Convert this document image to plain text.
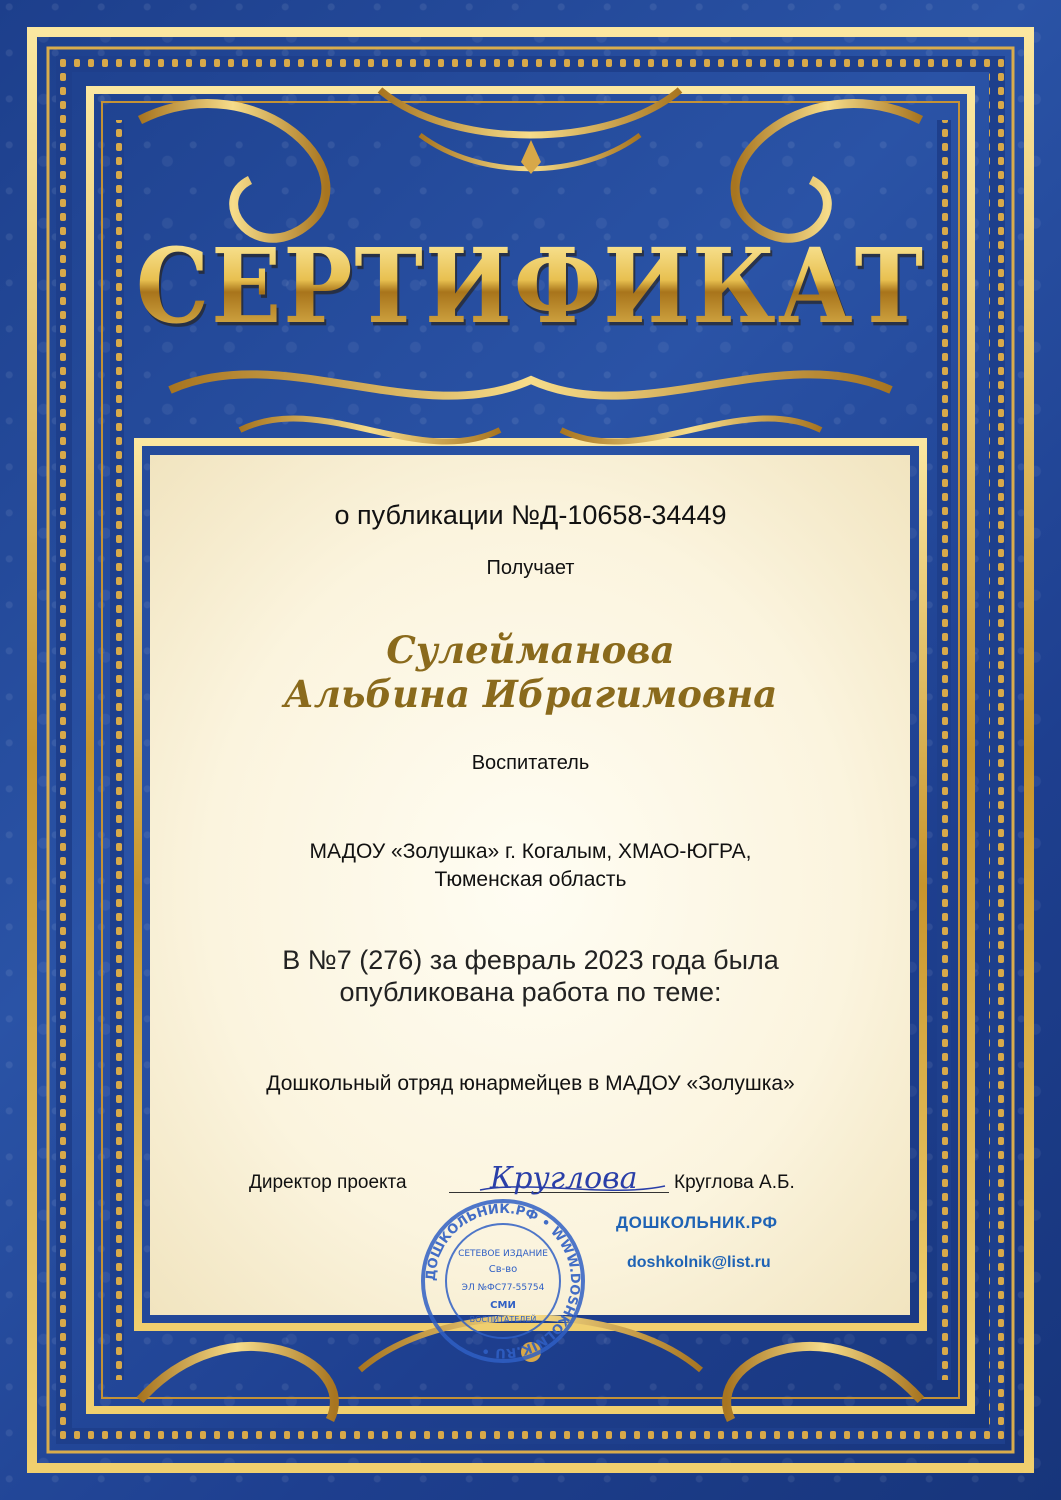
СЕРТИФИКАТ
о публикации №Д-10658-34449
Получает
Сулейманова
Альбина Ибрагимовна
Воспитатель
МАДОУ «Золушка» г. Когалым, ХМАО-ЮГРА,
Тюменская область
В №7 (276) за февраль 2023 года была
опубликована работа по теме:
Дошкольный отряд юнармейцев в МАДОУ «Золушка»
Директор проекта	Круглова А.Б.
Круглова
ДОШКОЛЬНИК.РФ • WWW.DOSHKOLNIK.RU •
СЕТЕВОЕ ИЗДАНИЕ
Св-во
ЭЛ №ФС77-55754
СМИ
ВОСПИТАТЕЛЕЙ
ДОШКОЛЬНИК.РФ
doshkolnik@list.ru
